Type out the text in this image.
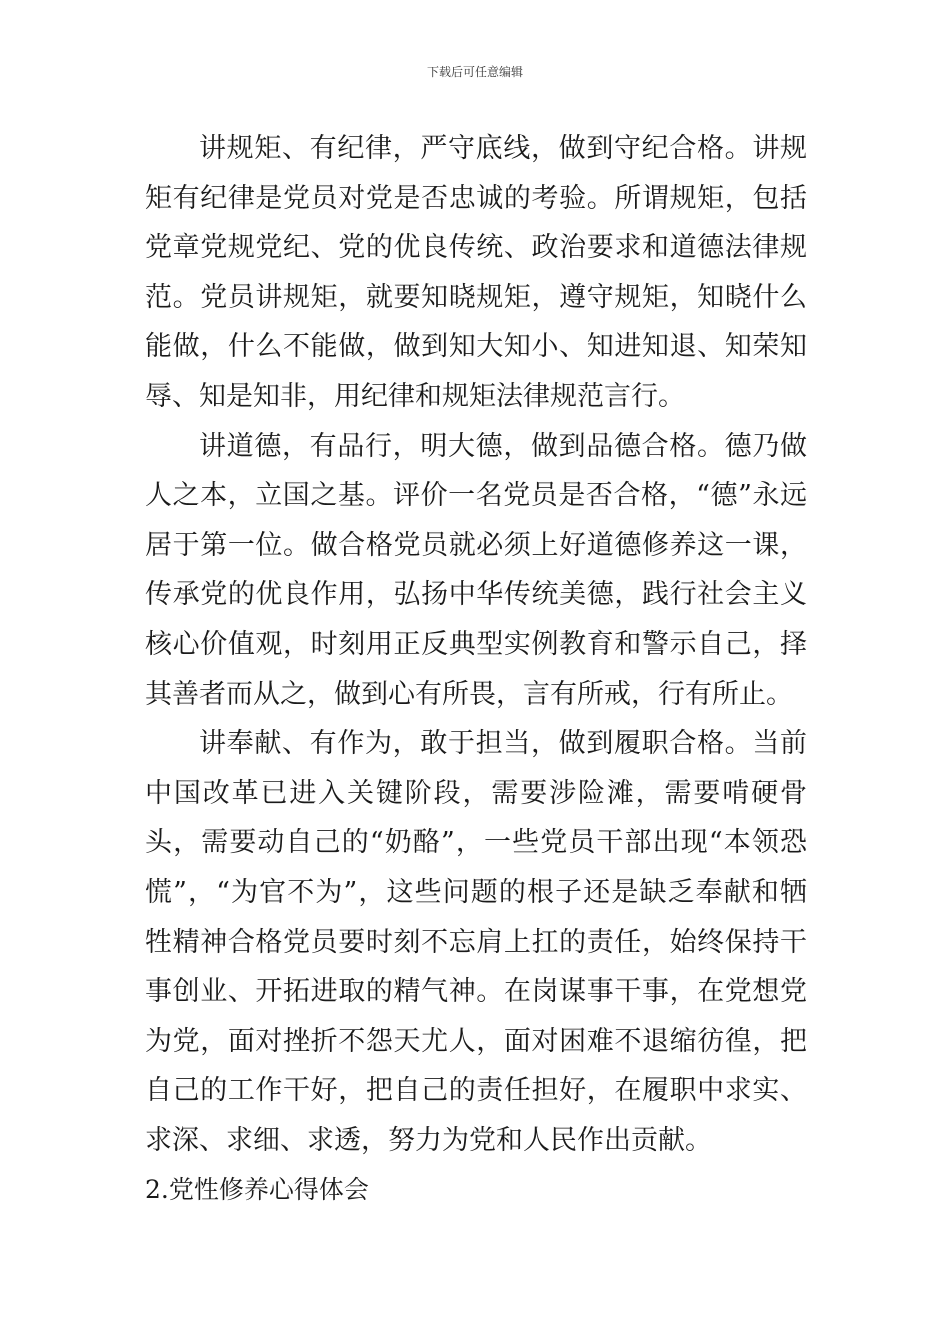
下载后可任意编辑

讲规矩、有纪律，严守底线，做到守纪合格。讲规矩有纪律是党员对党是否忠诚的考验。所谓规矩，包括党章党规党纪、党的优良传统、政治要求和道德法律规范。党员讲规矩，就要知晓规矩，遵守规矩，知晓什么能做，什么不能做，做到知大知小、知进知退、知荣知辱、知是知非，用纪律和规矩法律规范言行。

讲道德，有品行，明大德，做到品德合格。德乃做人之本，立国之基。评价一名党员是否合格，“德”永远居于第一位。做合格党员就必须上好道德修养这一课，传承党的优良作用，弘扬中华传统美德，践行社会主义核心价值观，时刻用正反典型实例教育和警示自己，择其善者而从之，做到心有所畏，言有所戒，行有所止。

讲奉献、有作为，敢于担当，做到履职合格。当前中国改革已进入关键阶段，需要涉险滩，需要啃硬骨头，需要动自己的“奶酪”，一些党员干部出现“本领恐慌”，“为官不为”，这些问题的根子还是缺乏奉献和牺牲精神合格党员要时刻不忘肩上扛的责任，始终保持干事创业、开拓进取的精气神。在岗谋事干事，在党想党为党，面对挫折不怨天尤人，面对困难不退缩彷徨，把自己的工作干好，把自己的责任担好，在履职中求实、求深、求细、求透，努力为党和人民作出贡献。

2.党性修养心得体会
